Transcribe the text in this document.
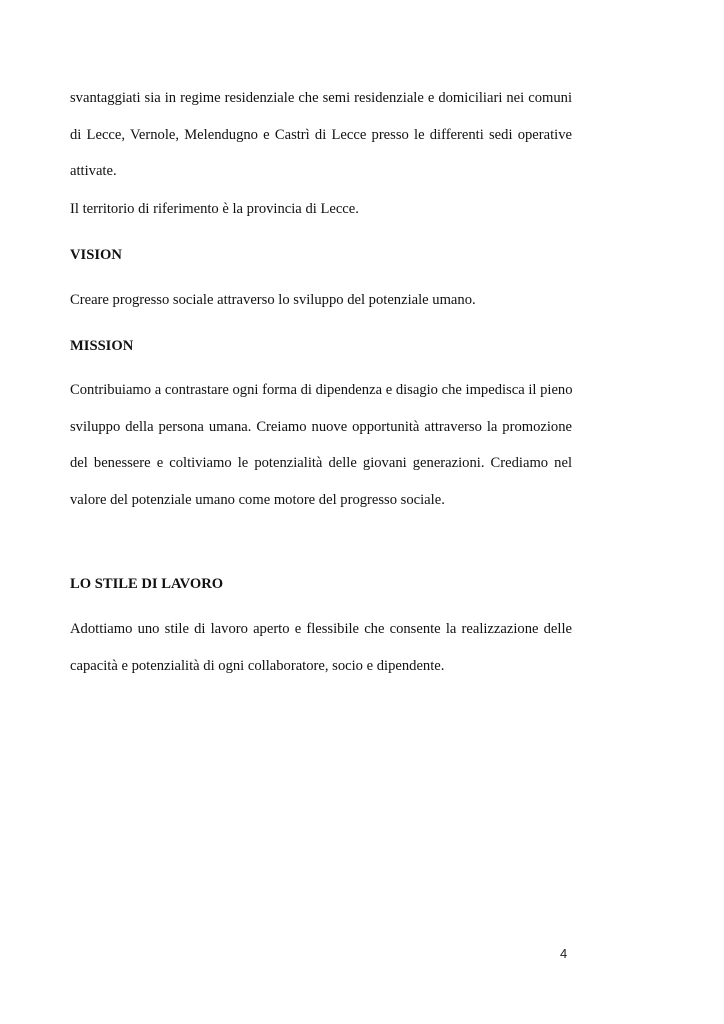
svantaggiati sia in regime residenziale che semi residenziale e domiciliari nei comuni
di Lecce, Vernole, Melendugno e Castrì di Lecce presso le differenti sedi operative
attivate.

Il territorio di riferimento è la provincia di Lecce.

VISION

Creare progresso sociale attraverso lo sviluppo del potenziale umano.

MISSION

Contribuiamo a contrastare ogni forma di dipendenza e disagio che impedisca il pieno
sviluppo della persona umana. Creiamo nuove opportunità attraverso la promozione
del benessere e coltiviamo le potenzialità delle giovani generazioni. Crediamo nel
valore del potenziale umano come motore del progresso sociale.

LO STILE DI LAVORO

Adottiamo uno stile di lavoro aperto e flessibile che consente la realizzazione delle
capacità e potenzialità di ogni collaboratore, socio e dipendente.

4
